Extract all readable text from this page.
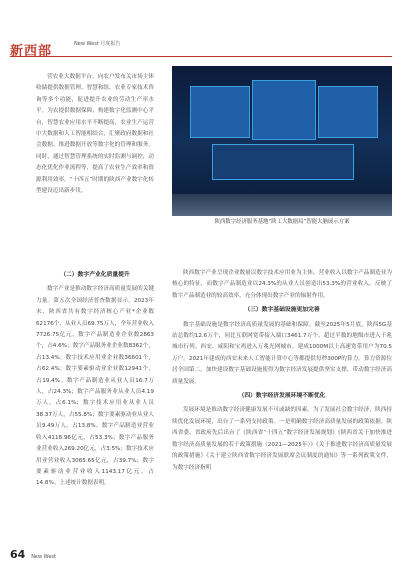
新西部	New West 月度报告

营农业大数据平台，向农户发布关市场主体收储提供数据管理、智慧和组、农业专家技术咨询等多个功能，促进提升农业的劳动生产率水平。为农提供数据保障，构建数字化监测中心平台，智慧农业应用水平不断提高，农业生产运营中大数据和人工智能相结合，汇聚政府数据和社会数据、推进数据开放等数字化的管理和服务。同时，通过智慧管理系统的实时监测与调控，动态化优化作业流程等，提高了农业生产效率和资源利用效率。“十四五”时期的陕西产业数字化转型建设迈出新步伐。

（二）数字产业化质量提升

数字产业是推动数字经济高质量发展的关键力量。第五次全国经济普查数据显示，2023年末，陕西省共有数字经济核心产业*企业数62176个，从业人员69.75万人，全年营业收入7726.75亿元。数字产品制造业企业数2863个，占4.6%；数字产品服务业企业数8362个，占13.4%；数字技术应用业企业数36601个，占62.4%；数字要素驱动业企业数12941个，占19.4%。数字产品制造业从业人员16.7万人，占24.3%；数字产品服务业从业人员4.19万人，占6.1%；数字技术应用业从业人员38.37万人，占55.8%；数字要素驱动业从业人员9.49万人，占13.8%。数字产品制造业营业收入4118.96亿元，占53.3%；数字产品服务业营业收入269.20亿元，占3.5%；数字技术应用业营业收入3065.65亿元，占39.7%；数字要素驱动业营业收入1143.17亿元，占14.8%。上述统计数据表明，

陕西数字经济服务基地“陕工大数据局”智能大脑展示方案

陕西数字产业呈现企业数量以数字技术应用业为主体，营业收入以数字产品制造业为核心的特征，而数字产品制造业以24.3%的从业人员创造出53.3%的营业收入，反映了数字产品制造业的较高效率，充分体现出数字产业的辐射作用。

（三）数字基础设施更加完善

数字基础设施是数字经济高质量发展的基础和保障。截至2025年5月底，陕西5G基站总数约12.6万个，同比互联网宽带接入端口3461.7万个，超过半数的地级市进入千兆城市行列。西安、咸阳和宝鸡进入万兆光网城市。建成1000M以上高速宽带用户为70.5万户。2021年建成的西安未来人工智能计算中心等都提供每秒300P的算力。算力资源位居全国第二，加快建设数字基础设施使得为数字经济发展提供坚实支撑，带动数字经济高质量发展。

（四）数字经济发展环境不断优化

发展环境是推动数字经济健康发展不可或缺的因素。为了发展社会数字经济，陕西持续优化发展环境，出台了一系列支持政策。一是明确数字经济高质量发展的政策依据。陕西省委、省政府先后出台了《陕西省“十四五”数字经济发展规划》《陕西省关于加快推进数字经济高质量发展的若干政策措施（2021—2025年）》《关于推进数字经济高质量发展的政策措施》《关于建立陕西省数字经济发展联席会议制度的通知》等一系列政策文件，为数字经济指明

64 New West
